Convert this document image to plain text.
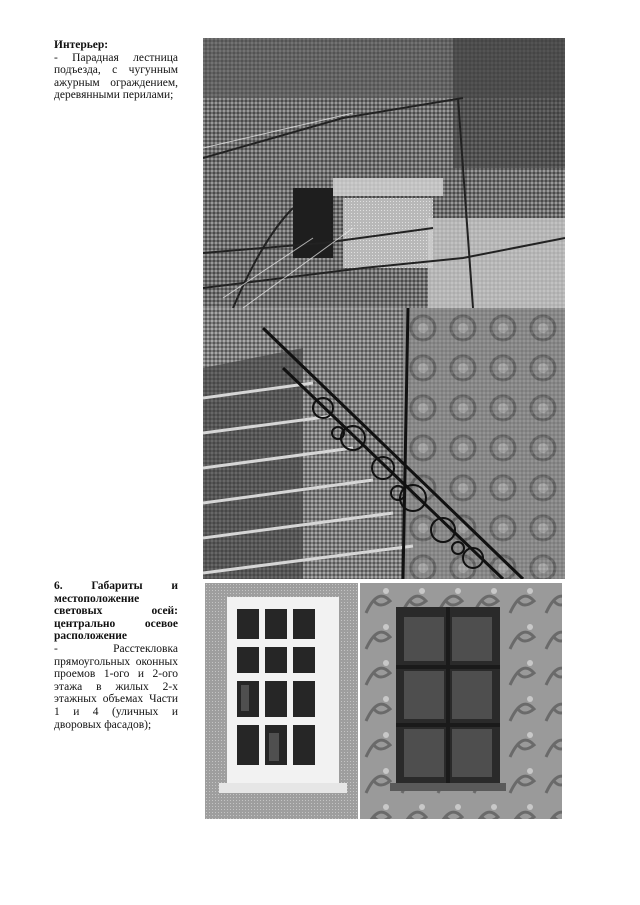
Интерьер:
- Парадная лестница подъезда, с чугунным ажурным ограждением, деревянными перилами;
6. Габариты и местоположение световых осей: центрально осевое расположение
- Расстекловка прямоугольных оконных проемов 1-ого и 2-ого этажа в жилых 2-х этажных объемах Части 1 и 4 (уличных и дворовых фасадов);
